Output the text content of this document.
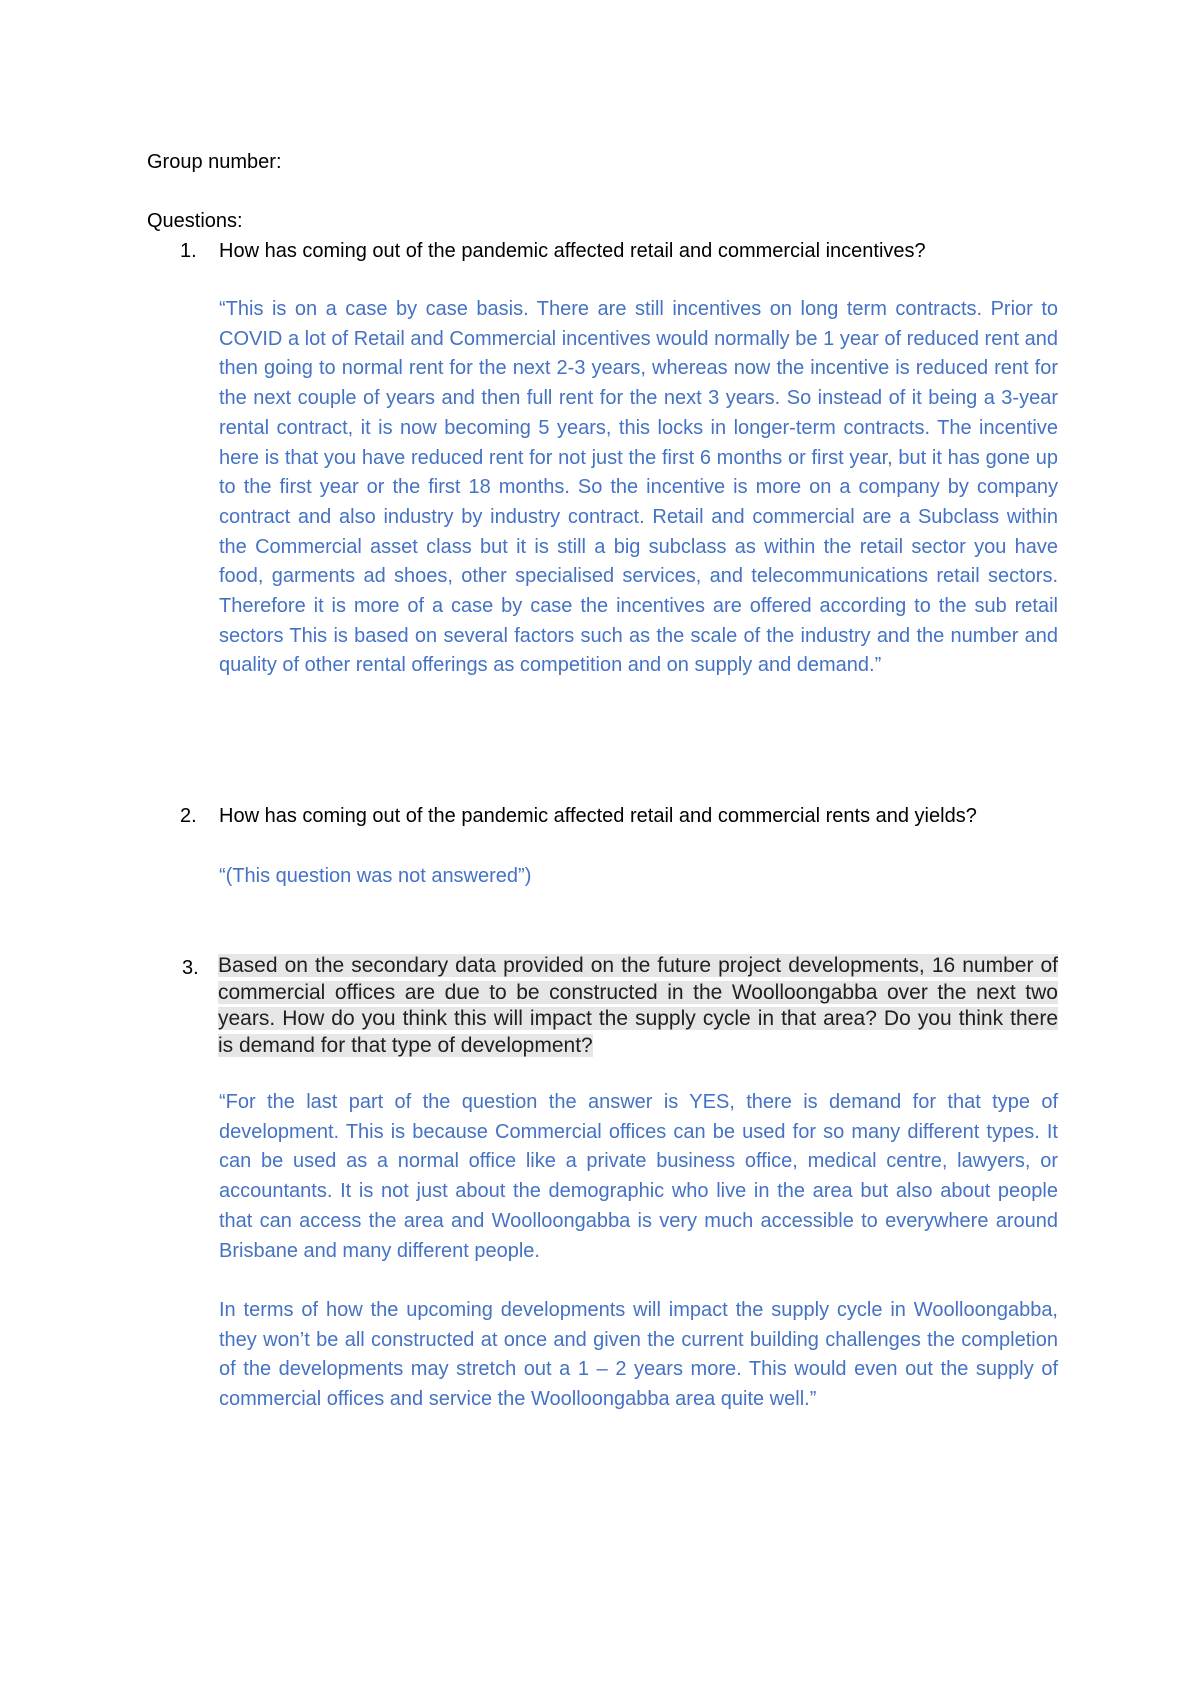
Group number:
Questions:
1.	How has coming out of the pandemic affected retail and commercial incentives?
“This is on a case by case basis. There are still incentives on long term contracts. Prior to COVID a lot of Retail and Commercial incentives would normally be 1 year of reduced rent and then going to normal rent for the next 2-3 years, whereas now the incentive is reduced rent for the next couple of years and then full rent for the next 3 years. So instead of it being a 3-year rental contract, it is now becoming 5 years, this locks in longer-term contracts. The incentive here is that you have reduced rent for not just the first 6 months or first year, but it has gone up to the first year or the first 18 months. So the incentive is more on a company by company contract and also industry by industry contract. Retail and commercial are a Subclass within the Commercial asset class but it is still a big subclass as within the retail sector you have food, garments ad shoes, other specialised services, and telecommunications retail sectors. Therefore it is more of a case by case the incentives are offered according to the sub retail sectors This is based on several factors such as the scale of the industry and the number and quality of other rental offerings as competition and on supply and demand.”
2.	How has coming out of the pandemic affected retail and commercial rents and yields?
“(This question was not answered”)
3. Based on the secondary data provided on the future project developments, 16 number of commercial offices are due to be constructed in the Woolloongabba over the next two years. How do you think this will impact the supply cycle in that area? Do you think there is demand for that type of development?
“For the last part of the question the answer is YES, there is demand for that type of development. This is because Commercial offices can be used for so many different types. It can be used as a normal office like a private business office, medical centre, lawyers, or accountants. It is not just about the demographic who live in the area but also about people that can access the area and Woolloongabba is very much accessible to everywhere around Brisbane and many different people.
In terms of how the upcoming developments will impact the supply cycle in Woolloongabba, they won’t be all constructed at once and given the current building challenges the completion of the developments may stretch out a 1 – 2 years more. This would even out the supply of commercial offices and service the Woolloongabba area quite well.”
